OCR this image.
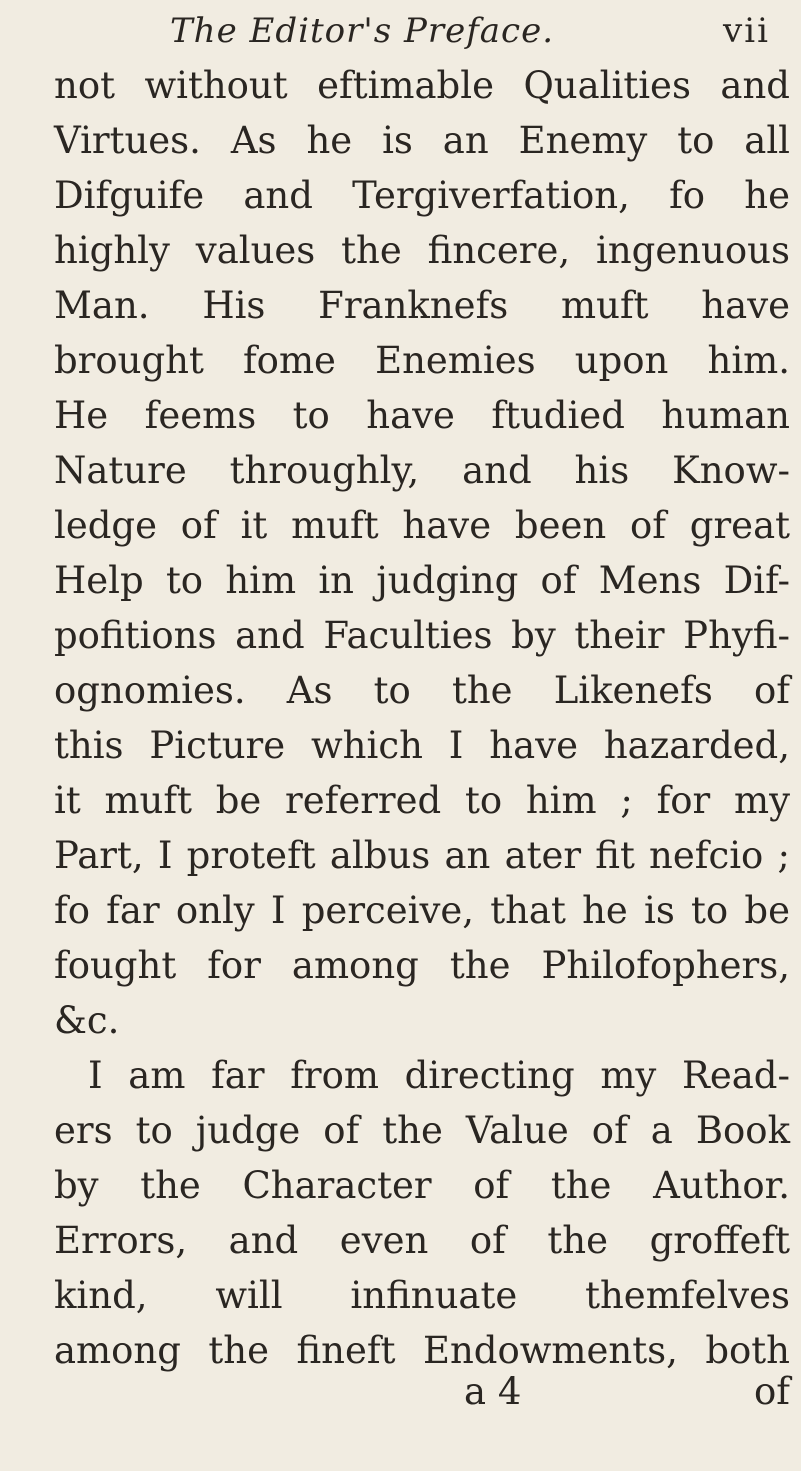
The Editor's Preface.	vii
not without eftimable Qualities and
Virtues. As he is an Enemy to all
Difguife and Tergiverfation, fo he
highly values the fincere, ingenuous
Man. His Franknefs muft have
brought fome Enemies upon him.
He feems to have ftudied human
Nature throughly, and his Know-
ledge of it muft have been of great
Help to him in judging of Mens Dif-
pofitions and Faculties by their Phyfi-
ognomies. As to the Likenefs of
this Picture which I have hazarded,
it muft be referred to him ; for my
Part, I proteft albus an ater fit nefcio ;
fo far only I perceive, that he is to be
fought for among the Philofophers,
&c.
I am far from directing my Read-
ers to judge of the Value of a Book
by the Character of the Author.
Errors, and even of the groffeft
kind, will infinuate themfelves
among the fineft Endowments, both
a 4	of
